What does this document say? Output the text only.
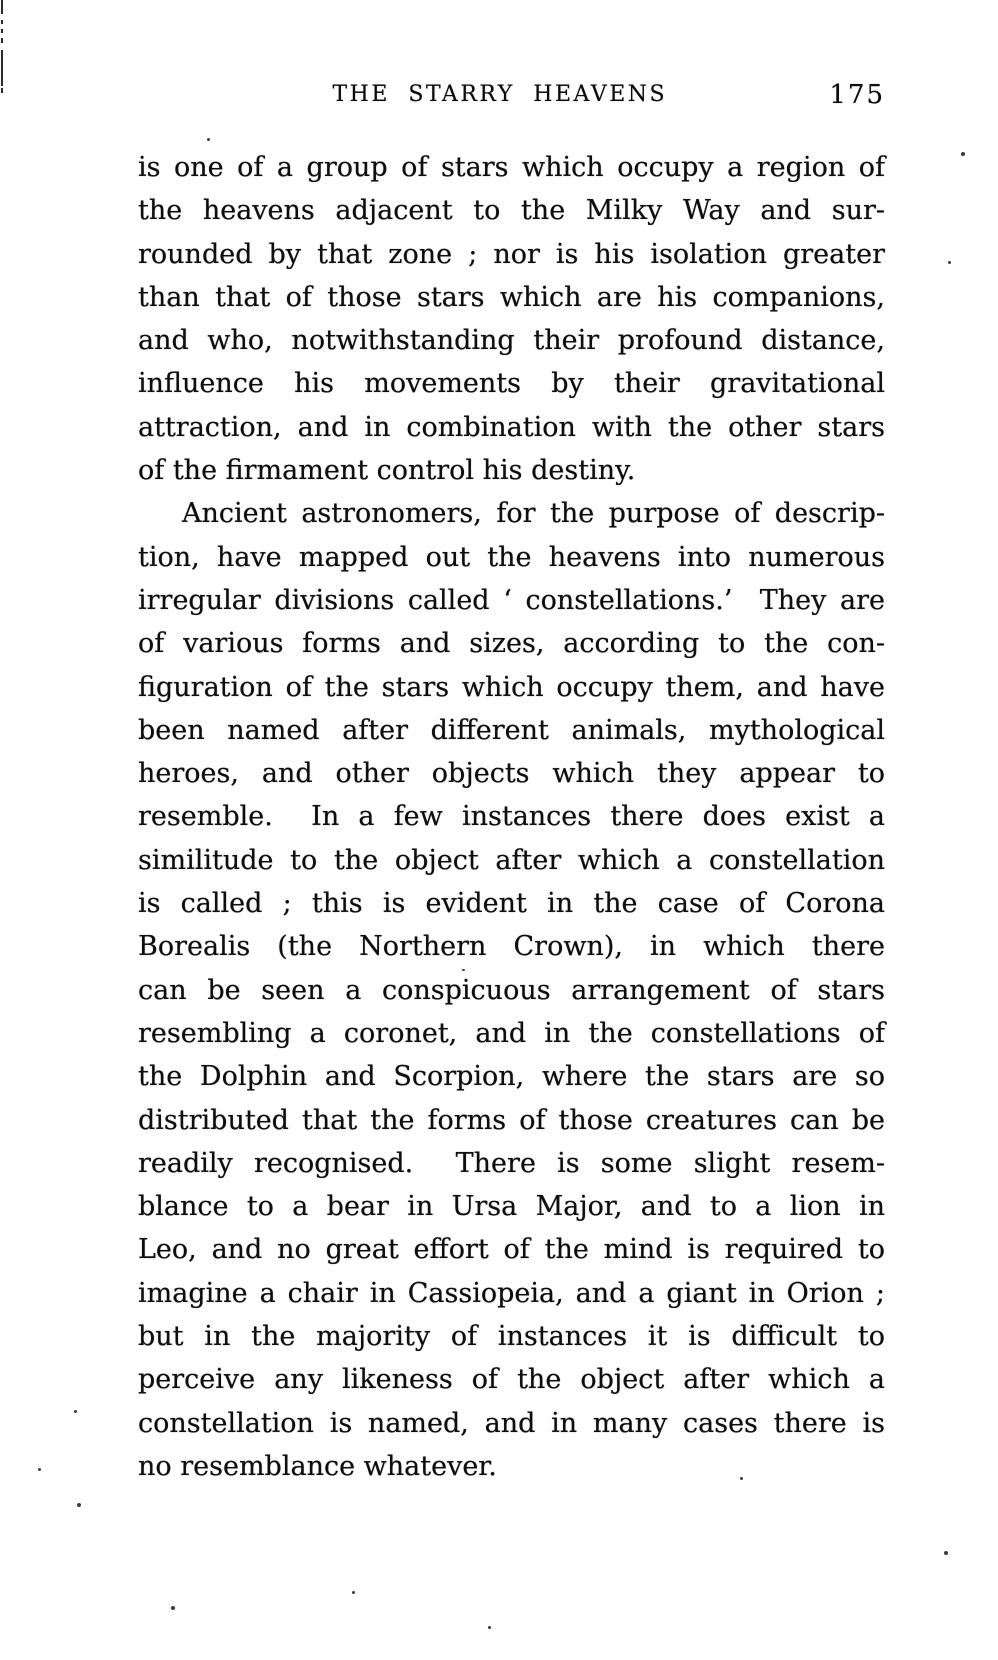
THE STARRY HEAVENS	175
is one of a group of stars which occupy a region of
the heavens adjacent to the Milky Way and sur-
rounded by that zone ; nor is his isolation greater
than that of those stars which are his companions,
and who, notwithstanding their profound distance,
influence his movements by their gravitational
attraction, and in combination with the other stars
of the firmament control his destiny.
Ancient astronomers, for the purpose of descrip-
tion, have mapped out the heavens into numerous
irregular divisions called ‘ constellations.’  They are
of various forms and sizes, according to the con-
figuration of the stars which occupy them, and have
been named after different animals, mythological
heroes, and other objects which they appear to
resemble.  In a few instances there does exist a
similitude to the object after which a constellation
is called ; this is evident in the case of Corona
Borealis (the Northern Crown), in which there
can be seen a conspicuous arrangement of stars
resembling a coronet, and in the constellations of
the Dolphin and Scorpion, where the stars are so
distributed that the forms of those creatures can be
readily recognised.  There is some slight resem-
blance to a bear in Ursa Major, and to a lion in
Leo, and no great effort of the mind is required to
imagine a chair in Cassiopeia, and a giant in Orion ;
but in the majority of instances it is difficult to
perceive any likeness of the object after which a
constellation is named, and in many cases there is
no resemblance whatever.
